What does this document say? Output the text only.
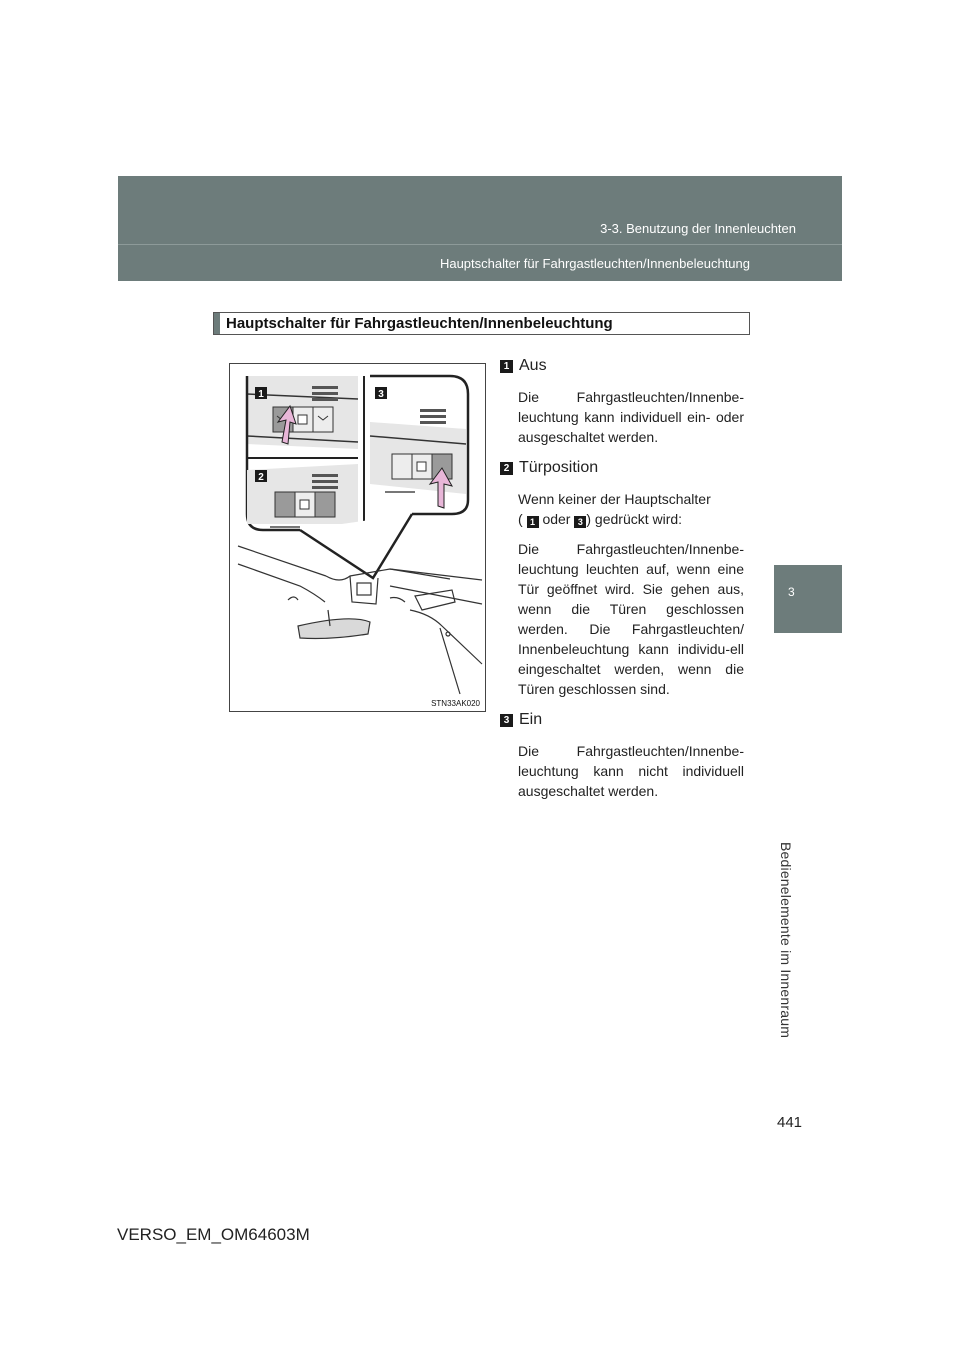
3-3. Benutzung der Innenleuchten
Hauptschalter für Fahrgastleuchten/Innenbeleuchtung
3
Bedienelemente im Innenraum
Hauptschalter für Fahrgastleuchten/Innenbeleuchtung
1	3
2
STN33AK020
1 Aus

Die Fahrgastleuchten/Innenbe-leuchtung kann individuell ein- oder ausgeschaltet werden.

2 Türposition

Wenn keiner der Hauptschalter
( 1 oder 3 ) gedrückt wird:

Die Fahrgastleuchten/Innenbe-leuchtung leuchten auf, wenn eine Tür geöffnet wird. Sie gehen aus, wenn die Türen geschlossen werden. Die Fahrgastleuchten/ Innenbeleuchtung kann individu-ell eingeschaltet werden, wenn die Türen geschlossen sind.

3 Ein

Die Fahrgastleuchten/Innenbe-leuchtung kann nicht individuell ausgeschaltet werden.

441
VERSO_EM_OM64603M
